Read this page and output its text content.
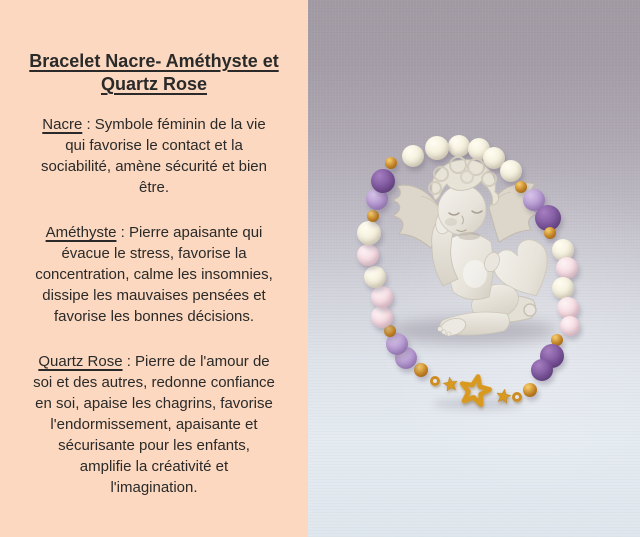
Bracelet Nacre- Améthyste et
Quartz Rose
Nacre : Symbole féminin de la vie
qui favorise le contact et la
sociabilité, amène sécurité et bien
être.
Améthyste : Pierre apaisante qui
évacue le stress, favorise la
concentration, calme les insomnies,
dissipe les mauvaises pensées et
favorise les bonnes décisions.
Quartz Rose : Pierre de l'amour de
soi et des autres, redonne confiance
en soi, apaise les chagrins, favorise
l'endormissement, apaisante et
sécurisante pour les enfants,
amplifie la créativité et
l'imagination.
